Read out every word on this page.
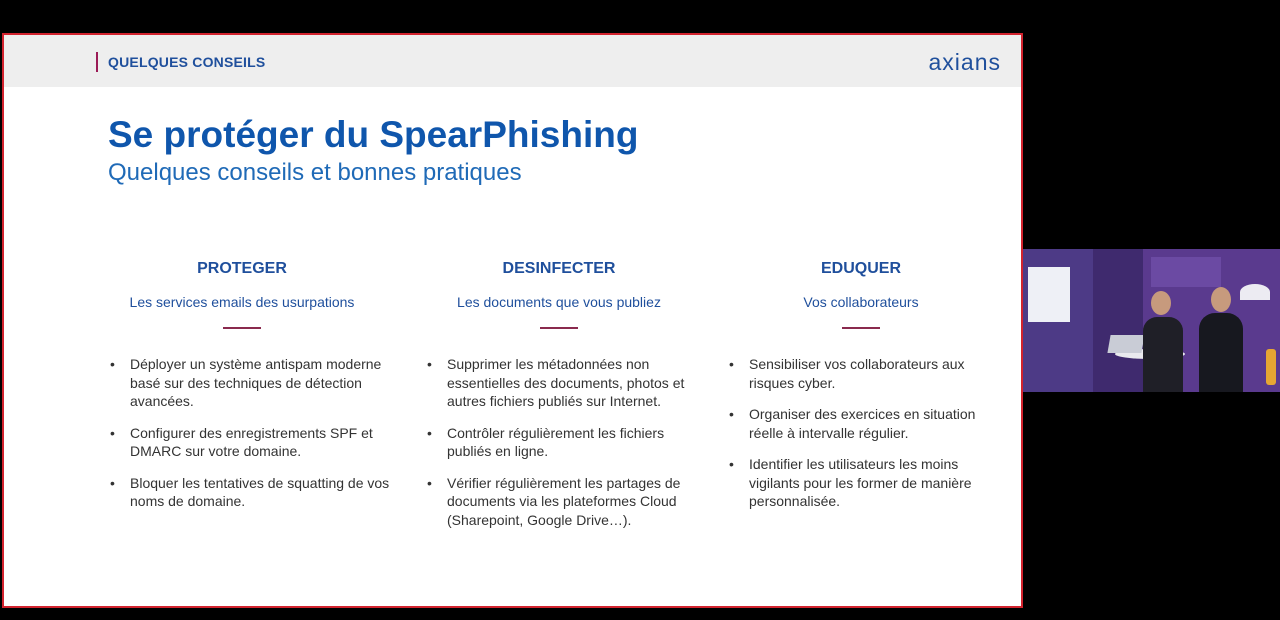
QUELQUES CONSEILS	axians
Se protéger du SpearPhishing
Quelques conseils et bonnes pratiques
PROTEGER
Les services emails des usurpations
• Déployer un système antispam moderne basé sur des techniques de détection avancées.
• Configurer des enregistrements SPF et DMARC sur votre domaine.
• Bloquer les tentatives de squatting de vos noms de domaine.
DESINFECTER
Les documents que vous publiez
• Supprimer les métadonnées non essentielles des documents, photos et autres fichiers publiés sur Internet.
• Contrôler régulièrement les fichiers publiés en ligne.
• Vérifier régulièrement les partages de documents via les plateformes Cloud (Sharepoint, Google Drive…).
EDUQUER
Vos collaborateurs
• Sensibiliser vos collaborateurs aux risques cyber.
• Organiser des exercices en situation réelle à intervalle régulier.
• Identifier les utilisateurs les moins vigilants pour les former de manière personnalisée.
